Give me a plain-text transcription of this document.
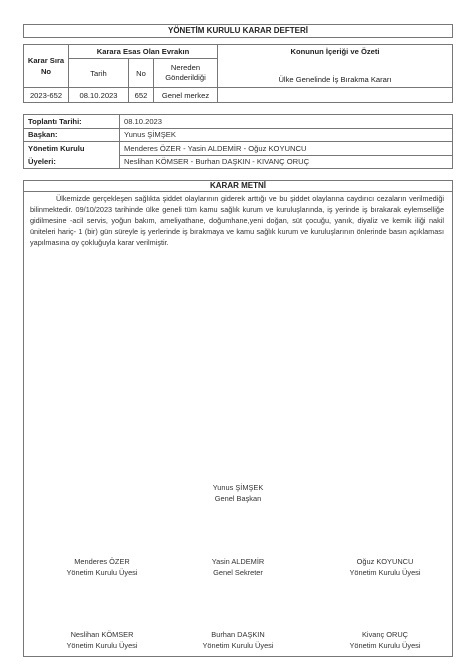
YÖNETİM KURULU KARAR DEFTERİ
Karar Sıra No	Karara Esas Olan Evrakın			Konunun İçeriği ve Özeti
	Tarih	No	Nereden Gönderildiği	
2023-652	08.10.2023	652	Genel merkez	Ülke Genelinde İş Bırakma Kararı
Toplantı Tarihi:	08.10.2023
Başkan:	Yunus ŞİMŞEK
Yönetim Kurulu	Menderes ÖZER - Yasin ALDEMİR - Oğuz KOYUNCU
Üyeleri:	Neslihan KÖMSER - Burhan DAŞKIN - KIVANÇ ORUÇ
KARAR METNİ

Ülkemizde gerçekleşen sağlıkta şiddet olaylarının giderek arttığı ve bu şiddet olaylarına caydırıcı cezaların verilmediği bilinmektedir. 09/10/2023 tarihinde ülke geneli tüm kamu sağlık kurum ve kuruluşlarında, iş yerinde iş bırakarak eylemselliğe gidilmesine -acil servis, yoğun bakım, ameliyathane, doğumhane,yeni doğan, süt çocuğu, yanık, diyaliz ve kemik iliği nakil üniteleri hariç- 1 (bir) gün süreyle iş yerlerinde iş bırakmaya ve kamu sağlık kurum ve kuruluşlarının önlerinde basın açıklaması yapılmasına oy çokluğuyla karar verilmiştir.

Yunus ŞİMŞEK
Genel Başkan
Menderes ÖZER
Yönetim Kurulu Üyesi
Yasin ALDEMİR
Genel Sekreter
Oğuz KOYUNCU
Yönetim Kurulu Üyesi
Neslihan KÖMSER
Yönetim Kurulu Üyesi
Burhan DAŞKIN
Yönetim Kurulu Üyesi
Kivanç ORUÇ
Yönetim Kurulu Üyesi
